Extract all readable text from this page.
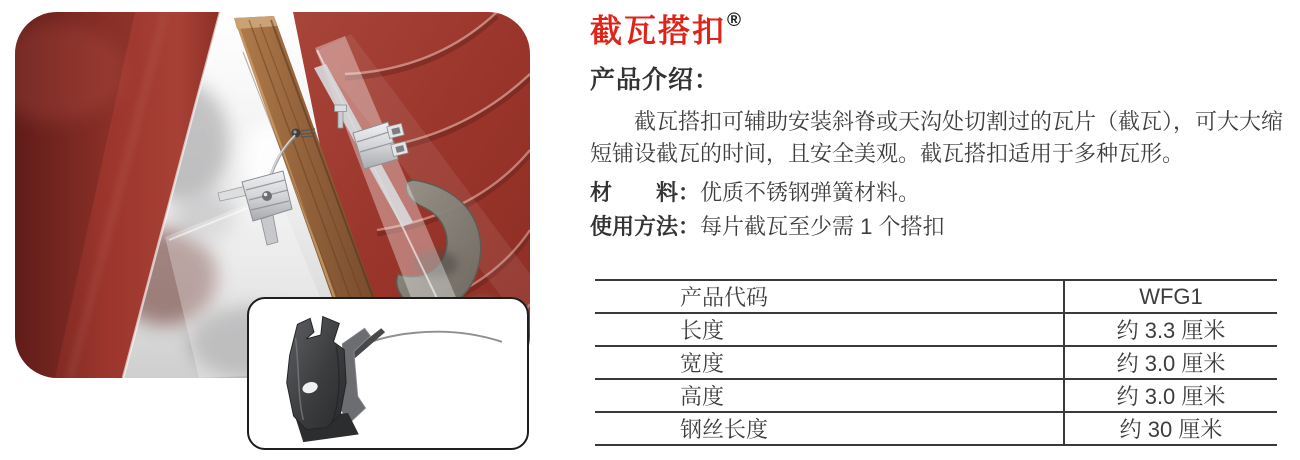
截瓦搭扣®
产品介绍：
截瓦搭扣可辅助安装斜脊或天沟处切割过的瓦片（截瓦），可大大缩
短铺设截瓦的时间，且安全美观。截瓦搭扣适用于多种瓦形。
材　　料：优质不锈钢弹簧材料。
使用方法：每片截瓦至少需 1 个搭扣
产品代码	WFG1
长度	约 3.3 厘米
宽度	约 3.0 厘米
高度	约 3.0 厘米
钢丝长度	约 30 厘米
